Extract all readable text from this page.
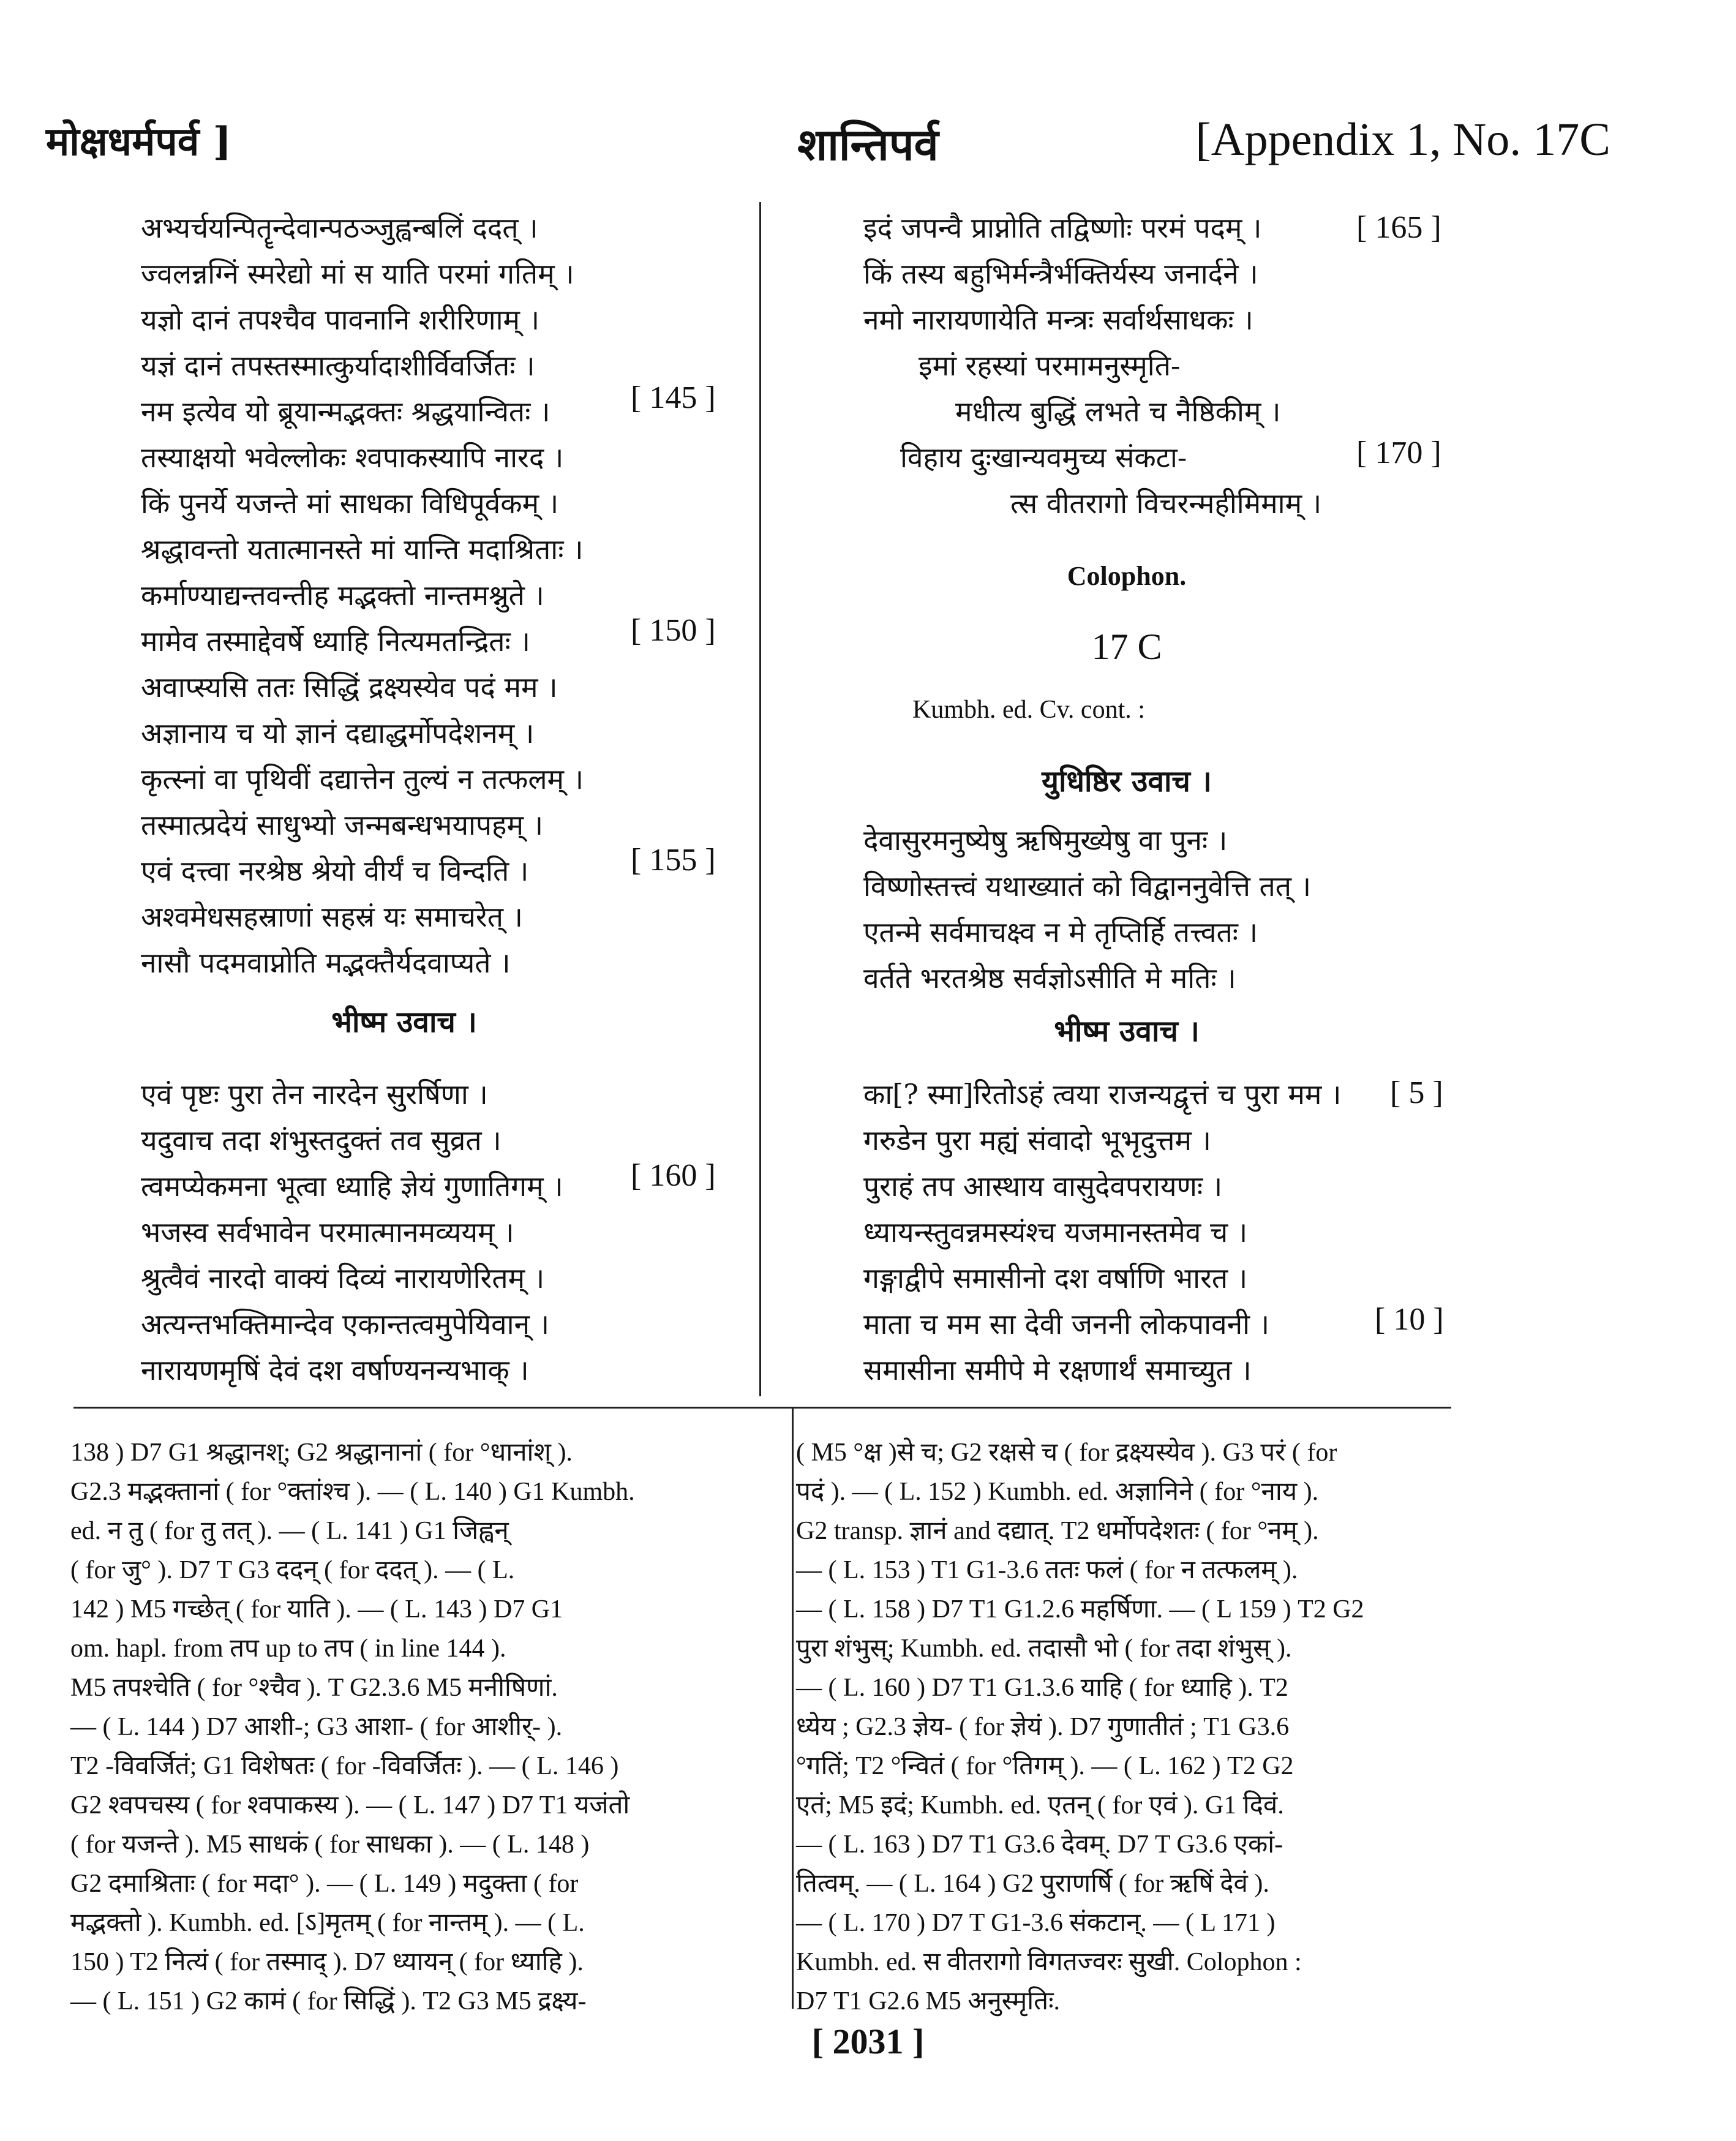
मोक्षधर्मपर्व ]	शान्तिपर्व	[Appendix 1, No. 17C
अभ्यर्चयन्पितॄन्देवान्पठञ्जुह्वन्बलिं ददत् ।
ज्वलन्नग्निं स्मरेद्यो मां स याति परमां गतिम् ।
यज्ञो दानं तपश्चैव पावनानि शरीरिणाम् ।
यज्ञं दानं तपस्तस्मात्कुर्यादाशीर्विवर्जितः ।
नम इत्येव यो ब्रूयान्मद्भक्तः श्रद्धयान्वितः ।
तस्याक्षयो भवेल्लोकः श्वपाकस्यापि नारद ।
किं पुनर्ये यजन्ते मां साधका विधिपूर्वकम् ।
श्रद्धावन्तो यतात्मानस्ते मां यान्ति मदाश्रिताः ।
कर्माण्याद्यन्तवन्तीह मद्भक्तो नान्तमश्नुते ।
मामेव तस्माद्देवर्षे ध्याहि नित्यमतन्द्रितः ।
अवाप्स्यसि ततः सिद्धिं द्रक्ष्यस्येव पदं मम ।
अज्ञानाय च यो ज्ञानं दद्याद्धर्मोपदेशनम् ।
कृत्स्नां वा पृथिवीं दद्यात्तेन तुल्यं न तत्फलम् ।
तस्मात्प्रदेयं साधुभ्यो जन्मबन्धभयापहम् ।
एवं दत्त्वा नरश्रेष्ठ श्रेयो वीर्यं च विन्दति ।
अश्वमेधसहस्राणां सहस्रं यः समाचरेत् ।
नासौ पदमवाप्नोति मद्भक्तैर्यदवाप्यते ।
भीष्म उवाच ।
एवं पृष्टः पुरा तेन नारदेन सुरर्षिणा ।
यदुवाच तदा शंभुस्तदुक्तं तव सुव्रत ।
त्वमप्येकमना भूत्वा ध्याहि ज्ञेयं गुणातिगम् ।
भजस्व सर्वभावेन परमात्मानमव्ययम् ।
श्रुत्वैवं नारदो वाक्यं दिव्यं नारायणेरितम् ।
अत्यन्तभक्तिमान्देव एकान्तत्वमुपेयिवान् ।
नारायणमृषिं देवं दश वर्षाण्यनन्यभाक् ।
[ 145 ]
[ 150 ]
[ 155 ]
[ 160 ]
इदं जपन्वै प्राप्नोति तद्विष्णोः परमं पदम् ।
किं तस्य बहुभिर्मन्त्रैर्भक्तिर्यस्य जनार्दने ।
नमो नारायणायेति मन्त्रः सर्वार्थसाधकः ।
इमां रहस्यां परमामनुस्मृति-
मधीत्य बुद्धिं लभते च नैष्ठिकीम् ।
विहाय दुःखान्यवमुच्य संकटा-
त्स वीतरागो विचरन्महीमिमाम् ।
[ 165 ]
[ 170 ]
Colophon.
17 C
Kumbh. ed. Cv. cont. :
युधिष्ठिर उवाच ।
देवासुरमनुष्येषु ऋषिमुख्येषु वा पुनः ।
विष्णोस्तत्त्वं यथाख्यातं को विद्वाननुवेत्ति तत् ।
एतन्मे सर्वमाचक्ष्व न मे तृप्तिर्हि तत्त्वतः ।
वर्तते भरतश्रेष्ठ सर्वज्ञोऽसीति मे मतिः ।
भीष्म उवाच ।
का[? स्मा]रितोऽहं त्वया राजन्यद्वृत्तं च पुरा मम ।
गरुडेन पुरा मह्यं संवादो भूभृदुत्तम ।
पुराहं तप आस्थाय वासुदेवपरायणः ।
ध्यायन्स्तुवन्नमस्यंश्च यजमानस्तमेव च ।
गङ्गाद्वीपे समासीनो दश वर्षाणि भारत ।
माता च मम सा देवी जननी लोकपावनी ।
समासीना समीपे मे रक्षणार्थं समाच्युत ।
[ 5 ]
[ 10 ]
138 ) D7 G1 श्रद्धानश्; G2 श्रद्धानानां ( for °धानांश् ).
G2.3 मद्भक्तानां ( for °क्तांश्च ). — ( L. 140 ) G1 Kumbh.
ed. न तु ( for तु तत् ). — ( L. 141 ) G1 जिह्वन्
( for जु° ). D7 T G3 ददन् ( for ददत् ). — ( L.
142 ) M5 गच्छेत् ( for याति ). — ( L. 143 ) D7 G1
om. hapl. from तप up to तप ( in line 144 ).
M5 तपश्चेति ( for °श्चैव ). T G2.3.6 M5 मनीषिणां.
— ( L. 144 ) D7 आशी-; G3 आशा- ( for आशीर्- ).
T2 -विवर्जितं; G1 विशेषतः ( for -विवर्जितः ). — ( L. 146 )
G2 श्वपचस्य ( for श्वपाकस्य ). — ( L. 147 ) D7 T1 यजंतो
( for यजन्ते ). M5 साधकं ( for साधका ). — ( L. 148 )
G2 दमाश्रिताः ( for मदा° ). — ( L. 149 ) मदुक्ता ( for
मद्भक्तो ). Kumbh. ed. [ऽ]मृतम् ( for नान्तम् ). — ( L.
150 ) T2 नित्यं ( for तस्माद् ). D7 ध्यायन् ( for ध्याहि ).
— ( L. 151 ) G2 कामं ( for सिद्धिं ). T2 G3 M5 द्रक्ष्य-
( M5 °क्ष )से च; G2 रक्षसे च ( for द्रक्ष्यस्येव ). G3 परं ( for
पदं ). — ( L. 152 ) Kumbh. ed. अज्ञानिने ( for °नाय ).
G2 transp. ज्ञानं and दद्यात्. T2 धर्मोपदेशतः ( for °नम् ).
— ( L. 153 ) T1 G1-3.6 ततः फलं ( for न तत्फलम् ).
— ( L. 158 ) D7 T1 G1.2.6 महर्षिणा. — ( L 159 ) T2 G2
पुरा शंभुस्; Kumbh. ed. तदासौ भो ( for तदा शंभुस् ).
— ( L. 160 ) D7 T1 G1.3.6 याहि ( for ध्याहि ). T2
ध्येय ; G2.3 ज्ञेय- ( for ज्ञेयं ). D7 गुणातीतं ; T1 G3.6
°गतिं; T2 °न्वितं ( for °तिगम् ). — ( L. 162 ) T2 G2
एतं; M5 इदं; Kumbh. ed. एतन् ( for एवं ). G1 दिवं.
— ( L. 163 ) D7 T1 G3.6 देवम्. D7 T G3.6 एकां-
तित्वम्. — ( L. 164 ) G2 पुराणर्षि ( for ऋषिं देवं ).
— ( L. 170 ) D7 T G1-3.6 संकटान्. — ( L 171 )
Kumbh. ed. स वीतरागो विगतज्वरः सुखी. Colophon :
D7 T1 G2.6 M5 अनुस्मृतिः.
[ 2031 ]
